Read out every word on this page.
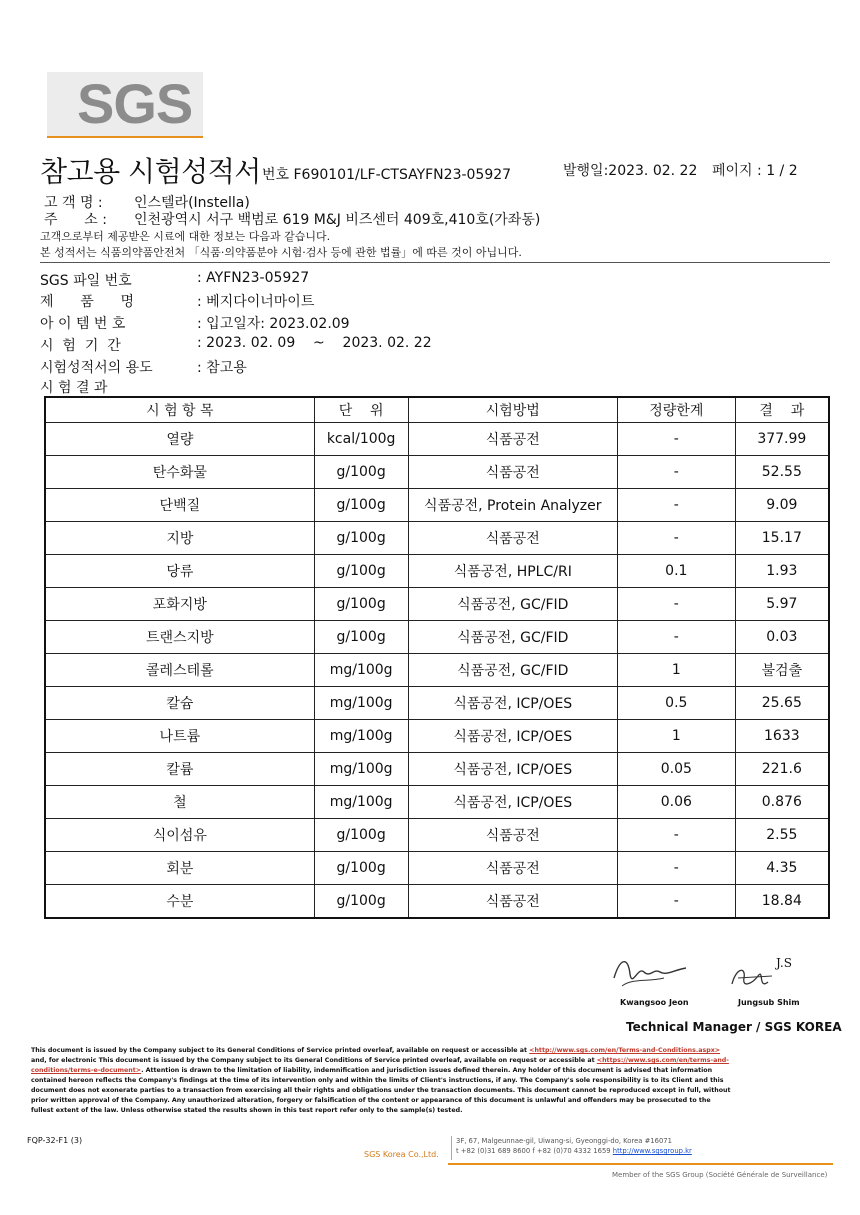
SGS
참고용 시험성적서 번호 F690101/LF-CTSAYFN23-05927	발행일:2023. 02. 22 페이지 : 1 / 2
고 객 명 : 인스텔라(Instella)
주      소 : 인천광역시 서구 백범로 619 M&J 비즈센터 409호,410호(가좌동)
고객으로부터 제공받은 시료에 대한 정보는 다음과 같습니다.
본 성적서는 식품의약품안전처 「식품·의약품분야 시험·검사 등에 관한 법률」에 따른 것이 아닙니다.
SGS 파일 번호	: AYFN23-05927
제      품      명	: 베지다이너마이트
아 이 템 번 호	: 입고일자: 2023.02.09
시  험  기  간	: 2023. 02. 09    ~    2023. 02. 22
시험성적서의 용도	: 참고용
시 험 결 과
시 험 항 목	단    위	시험방법	정량한계	결    과
열량	kcal/100g	식품공전	-	377.99
탄수화물	g/100g	식품공전	-	52.55
단백질	g/100g	식품공전, Protein Analyzer	-	9.09
지방	g/100g	식품공전	-	15.17
당류	g/100g	식품공전, HPLC/RI	0.1	1.93
포화지방	g/100g	식품공전, GC/FID	-	5.97
트랜스지방	g/100g	식품공전, GC/FID	-	0.03
콜레스테롤	mg/100g	식품공전, GC/FID	1	불검출
칼슘	mg/100g	식품공전, ICP/OES	0.5	25.65
나트륨	mg/100g	식품공전, ICP/OES	1	1633
칼륨	mg/100g	식품공전, ICP/OES	0.05	221.6
철	mg/100g	식품공전, ICP/OES	0.06	0.876
식이섬유	g/100g	식품공전	-	2.55
회분	g/100g	식품공전	-	4.35
수분	g/100g	식품공전	-	18.84
Kwangsoo Jeon
J.S
Jungsub Shim
Technical Manager / SGS KOREA
This document is issued by the Company subject to its General Conditions of Service printed overleaf, available on request or accessible at <http://www.sgs.com/en/Terms-and-Conditions.aspx> and, for electronic This document is issued by the Company subject to its General Conditions of Service printed overleaf, available on request or accessible at <https://www.sgs.com/en/terms-and-conditions/terms-e-document>. Attention is drawn to the limitation of liability, indemnification and jurisdiction issues defined therein. Any holder of this document is advised that information contained hereon reflects the Company's findings at the time of its intervention only and within the limits of Client's instructions, if any. The Company's sole responsibility is to its Client and this document does not exonerate parties to a transaction from exercising all their rights and obligations under the transaction documents. This document cannot be reproduced except in full, without prior written approval of the Company. Any unauthorized alteration, forgery or falsification of the content or appearance of this document is unlawful and offenders may be prosecuted to the fullest extent of the law. Unless otherwise stated the results shown in this test report refer only to the sample(s) tested.
FQP-32-F1 (3)
SGS Korea Co.,Ltd.
3F, 67, Malgeunnae-gil, Uiwang-si, Gyeonggi-do, Korea #16071
t +82 (0)31 689 8600 f +82 (0)70 4332 1659 http://www.sgsgroup.kr
Member of the SGS Group (Société Générale de Surveillance)
